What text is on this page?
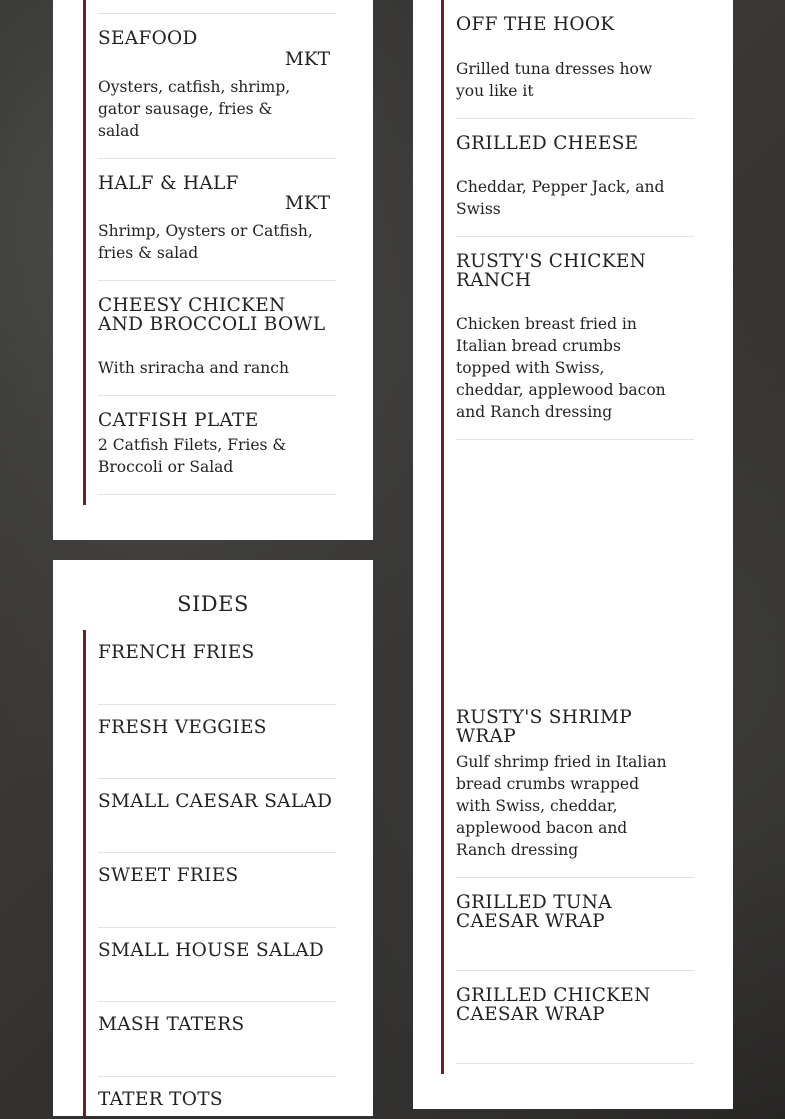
SEAFOOD
MKT

Oysters, catfish, shrimp, gator sausage, fries & salad

HALF & HALF
MKT

Shrimp, Oysters or Catfish, fries & salad

CHEESY CHICKEN AND BROCCOLI BOWL

With sriracha and ranch

CATFISH PLATE

2 Catfish Filets, Fries & Broccoli or Salad

SIDES
FRENCH FRIES
FRESH VEGGIES
SMALL CAESAR SALAD
SWEET FRIES
SMALL HOUSE SALAD
MASH TATERS
TATER TOTS
OFF THE HOOK

Grilled tuna dresses how you like it

GRILLED CHEESE

Cheddar, Pepper Jack, and Swiss

RUSTY'S CHICKEN RANCH

Chicken breast fried in Italian bread crumbs topped with Swiss, cheddar, applewood bacon and Ranch dressing

RUSTY'S SHRIMP WRAP

Gulf shrimp fried in Italian bread crumbs wrapped with Swiss, cheddar, applewood bacon and Ranch dressing

GRILLED TUNA CAESAR WRAP
GRILLED CHICKEN CAESAR WRAP
